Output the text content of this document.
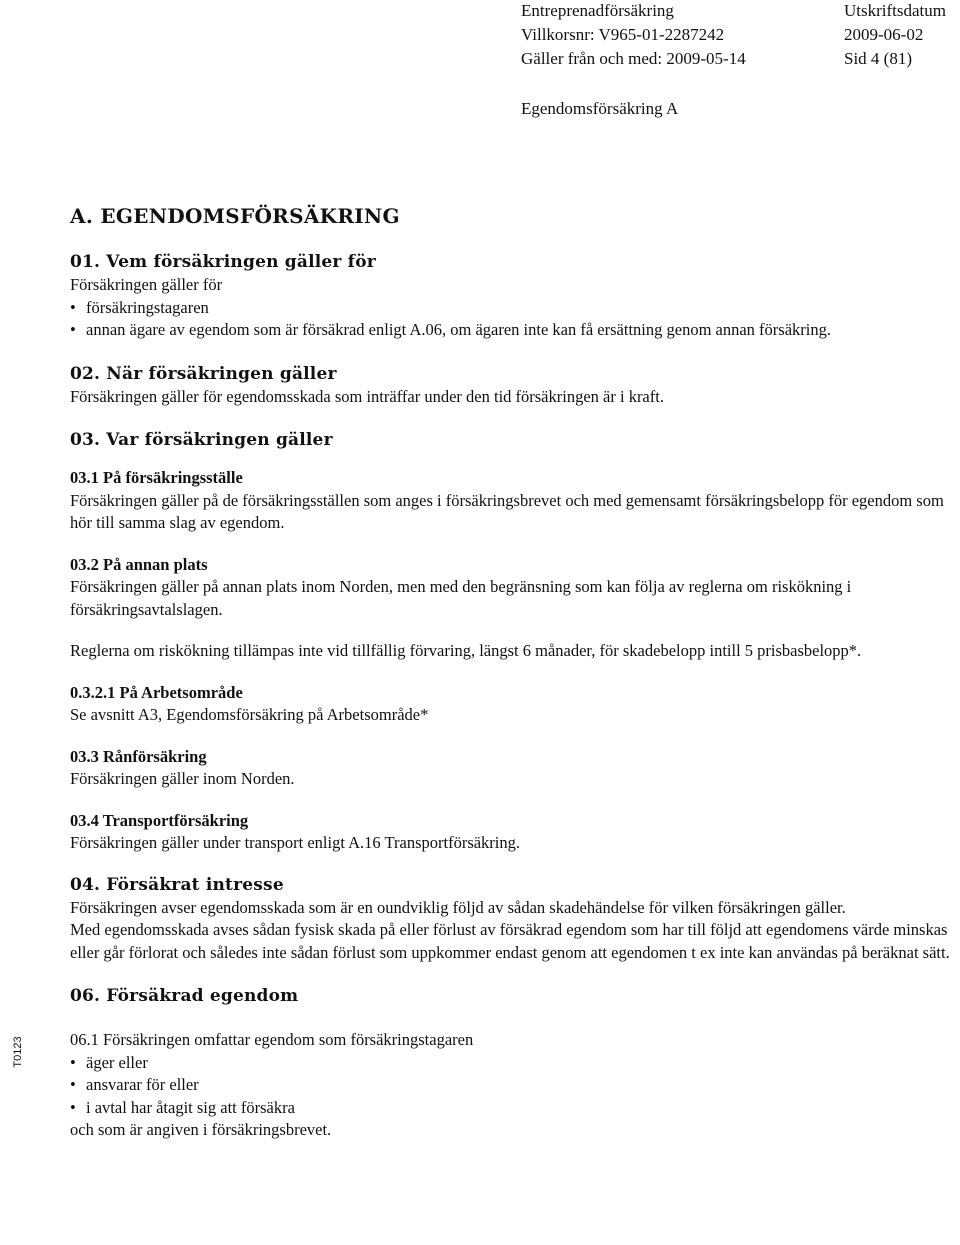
Entreprenadförsäkring
Villkorsnr: V965-01-2287242
Gäller från och med: 2009-05-14
Utskriftsdatum
2009-06-02
Sid 4 (81)
Egendomsförsäkring A
T0123
A. EGENDOMSFÖRSÄKRING
01. Vem försäkringen gäller för

Försäkringen gäller för

• försäkringstagaren
• annan ägare av egendom som är försäkrad enligt A.06, om ägaren inte kan få ersättning genom annan försäkring.
02. När försäkringen gäller

Försäkringen gäller för egendomsskada som inträffar under den tid försäkringen är i kraft.

03. Var försäkringen gäller

03.1 På försäkringsställe

Försäkringen gäller på de försäkringsställen som anges i försäkringsbrevet och med gemensamt försäkringsbelopp för egendom som hör till samma slag av egendom.

03.2 På annan plats

Försäkringen gäller på annan plats inom Norden, men med den begränsning som kan följa av reglerna om riskökning i försäkringsavtalslagen.

Reglerna om riskökning tillämpas inte vid tillfällig förvaring, längst 6 månader, för skadebelopp intill 5 prisbasbelopp*.

0.3.2.1 På Arbetsområde

Se avsnitt A3, Egendomsförsäkring på Arbetsområde*

03.3 Rånförsäkring

Försäkringen gäller inom Norden.

03.4 Transportförsäkring

Försäkringen gäller under transport enligt A.16 Transportförsäkring.

04. Försäkrat intresse

Försäkringen avser egendomsskada som är en oundviklig följd av sådan skadehändelse för vilken försäkringen gäller.

Med egendomsskada avses sådan fysisk skada på eller förlust av försäkrad egendom som har till följd att egendomens värde minskas eller går förlorat och således inte sådan förlust som uppkommer endast genom att egendomen t ex inte kan användas på beräknat sätt.

06. Försäkrad egendom

06.1 Försäkringen omfattar egendom som försäkringstagaren

• äger eller
• ansvarar för eller
• i avtal har åtagit sig att försäkra

och som är angiven i försäkringsbrevet.
